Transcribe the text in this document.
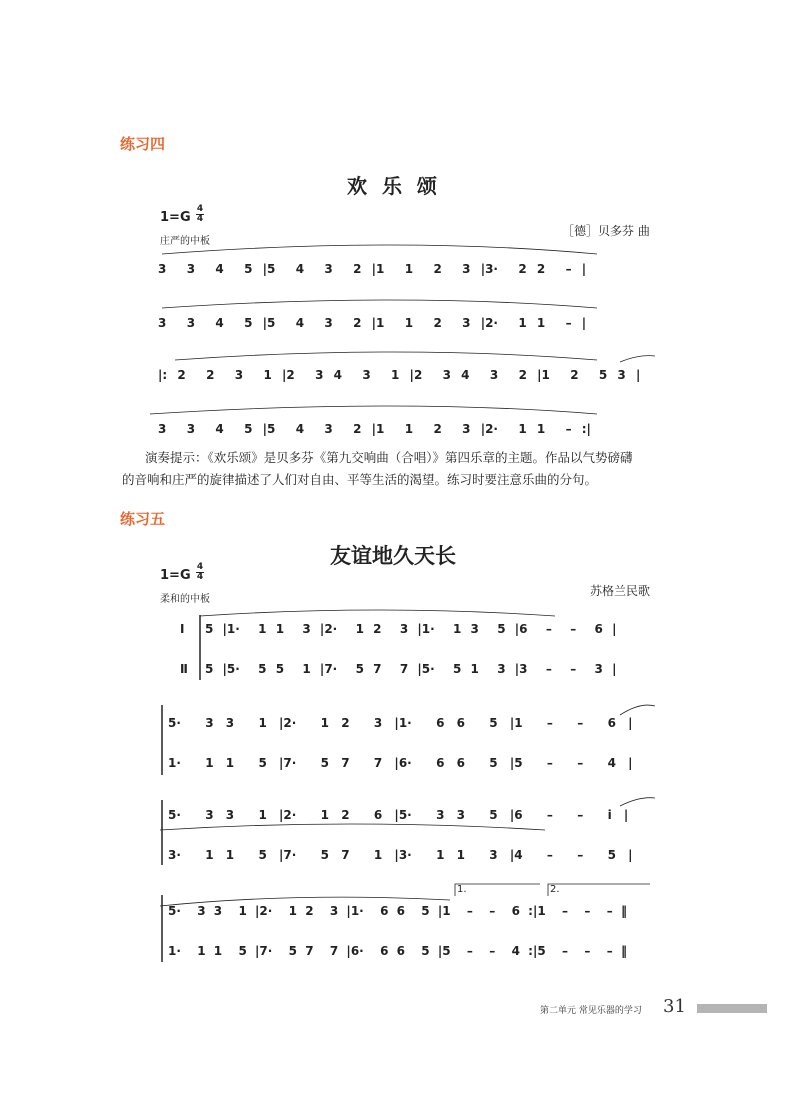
练习四
欢 乐 颂
1=G
4
4
庄严的中板
［德］贝多芬 曲
3  3  4  5 |5  4  3  2 |1  1  2  3 |3·  2 2  – |
3  3  4  5 |5  4  3  2 |1  1  2  3 |2·  1 1  – |
|: 2  2  3  1 |2  3 4  3  1 |2  3 4  3  2 |1  2  5 3 |
3  3  4  5 |5  4  3  2 |1  1  2  3 |2·  1 1  – :|
演奏提示：《欢乐颂》是贝多芬《第九交响曲（合唱）》第四乐章的主题。作品以气势磅礴
的音响和庄严的旋律描述了人们对自由、平等生活的渴望。练习时要注意乐曲的分句。
练习五
友谊地久天长
1=G
4
4
柔和的中板
苏格兰民歌
Ⅰ
Ⅱ
5 |1·  1 1  3 |2·  1 2  3 |1·  1 3  5 |6  –  –  6 |
5 |5·  5 5  1 |7·  5 7  7 |5·  5 1  3 |3  –  –  3 |
5·  3 3  1 |2·  1 2  3 |1·  6 6  5 |1  –  –  6 |
1·  1 1  5 |7·  5 7  7 |6·  6 6  5 |5  –  –  4 |
5·  3 3  1 |2·  1 2  6 |5·  3 3  5 |6  –  –  i |
3·  1 1  5 |7·  5 7  1 |3·  1 1  3 |4  –  –  5 |
1.	2.
5·  3 3  1 |2·  1 2  3 |1·  6 6  5 |1  –  –  6 :|1  –  –  – ‖
1·  1 1  5 |7·  5 7  7 |6·  6 6  5 |5  –  –  4 :|5  –  –  – ‖
第二单元 常见乐器的学习 31
